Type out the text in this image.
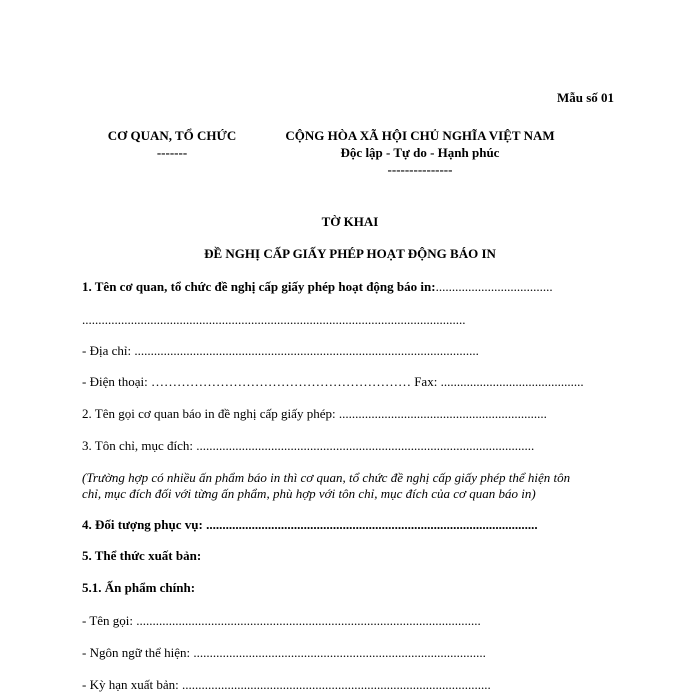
Mẫu số 01
CƠ QUAN, TỔ CHỨC
-------
CỘNG HÒA XÃ HỘI CHỦ NGHĨA VIỆT NAM
Độc lập - Tự do - Hạnh phúc
---------------
TỜ KHAI
ĐỀ NGHỊ CẤP GIẤY PHÉP HOẠT ĐỘNG BÁO IN
1. Tên cơ quan, tổ chức đề nghị cấp giấy phép hoạt động báo in:....................................
......................................................................................................................
- Địa chỉ: ..........................................................................................................
- Điện thoại: …………………………………………………… Fax: ............................................
2. Tên gọi cơ quan báo in đề nghị cấp giấy phép: ................................................................
3. Tôn chỉ, mục đích: ........................................................................................................
(Trường hợp có nhiều ấn phẩm báo in thì cơ quan, tổ chức đề nghị cấp giấy phép thể hiện tôn
chỉ, mục đích đối với từng ấn phẩm, phù hợp với tôn chỉ, mục đích của cơ quan báo in)
4. Đối tượng phục vụ: ......................................................................................................
5. Thể thức xuất bản:
5.1. Ấn phẩm chính:
- Tên gọi: ..........................................................................................................
- Ngôn ngữ thể hiện: ..........................................................................................
- Kỳ hạn xuất bản: ...............................................................................................
